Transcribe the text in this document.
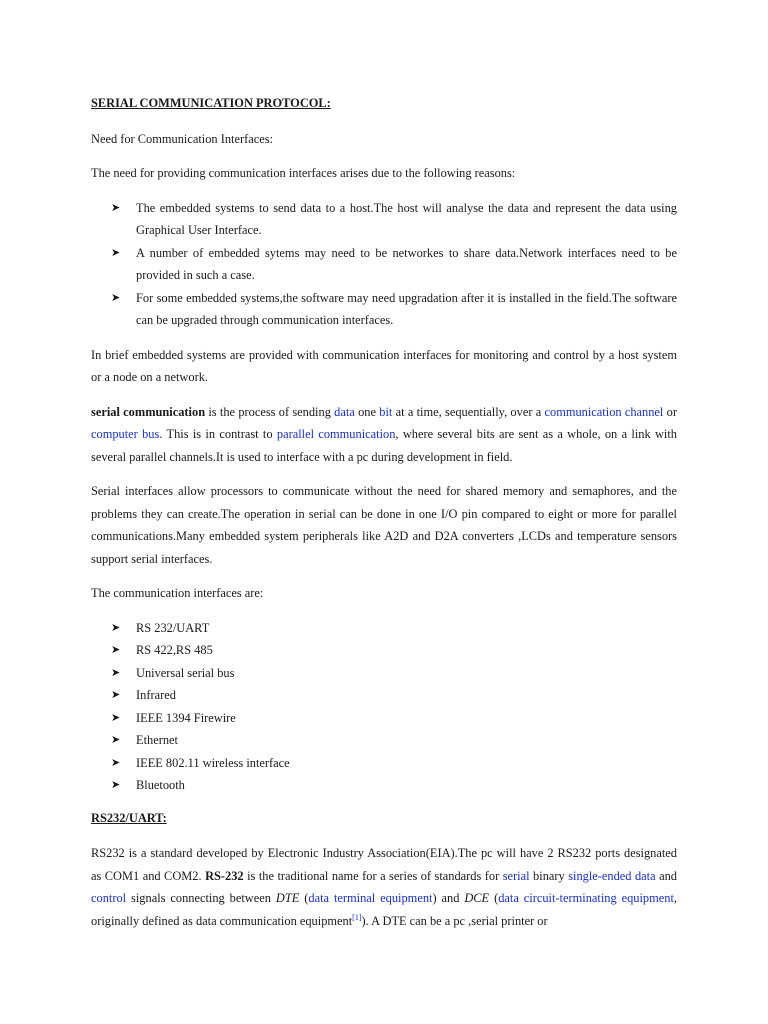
SERIAL COMMUNICATION PROTOCOL:

Need for Communication Interfaces:

The need for providing communication interfaces arises due to the following reasons:

➤ The embedded systems to send data to a host.The host will analyse the data and represent the data using Graphical User Interface.
➤ A number of embedded sytems may need to be networkes to share data.Network interfaces need to be provided in such a case.
➤ For some embedded systems,the software may need upgradation after it is installed in the field.The software can be upgraded through communication interfaces.

In brief embedded systems are provided with communication interfaces for monitoring and control by a host system or a node on a network.

serial communication is the process of sending data one bit at a time, sequentially, over a communication channel or computer bus. This is in contrast to parallel communication, where several bits are sent as a whole, on a link with several parallel channels.It is used to interface with a pc during development in field.

Serial interfaces allow processors to communicate without the need for shared memory and semaphores, and the problems they can create.The operation in serial can be done in one I/O pin compared to eight or more for parallel communications.Many embedded system peripherals like A2D and D2A converters ,LCDs and temperature sensors support serial interfaces.

The communication interfaces are:

➤ RS 232/UART
➤ RS 422,RS 485
➤ Universal serial bus
➤ Infrared
➤ IEEE 1394 Firewire
➤ Ethernet
➤ IEEE 802.11 wireless interface
➤ Bluetooth

RS232/UART:

RS232 is a standard developed by Electronic Industry Association(EIA).The pc will have 2 RS232 ports designated as COM1 and COM2. RS-232 is the traditional name for a series of standards for serial binary single-ended data and control signals connecting between DTE (data terminal equipment) and DCE (data circuit-terminating equipment, originally defined as data communication equipment[1]). A DTE can be a pc ,serial printer or
